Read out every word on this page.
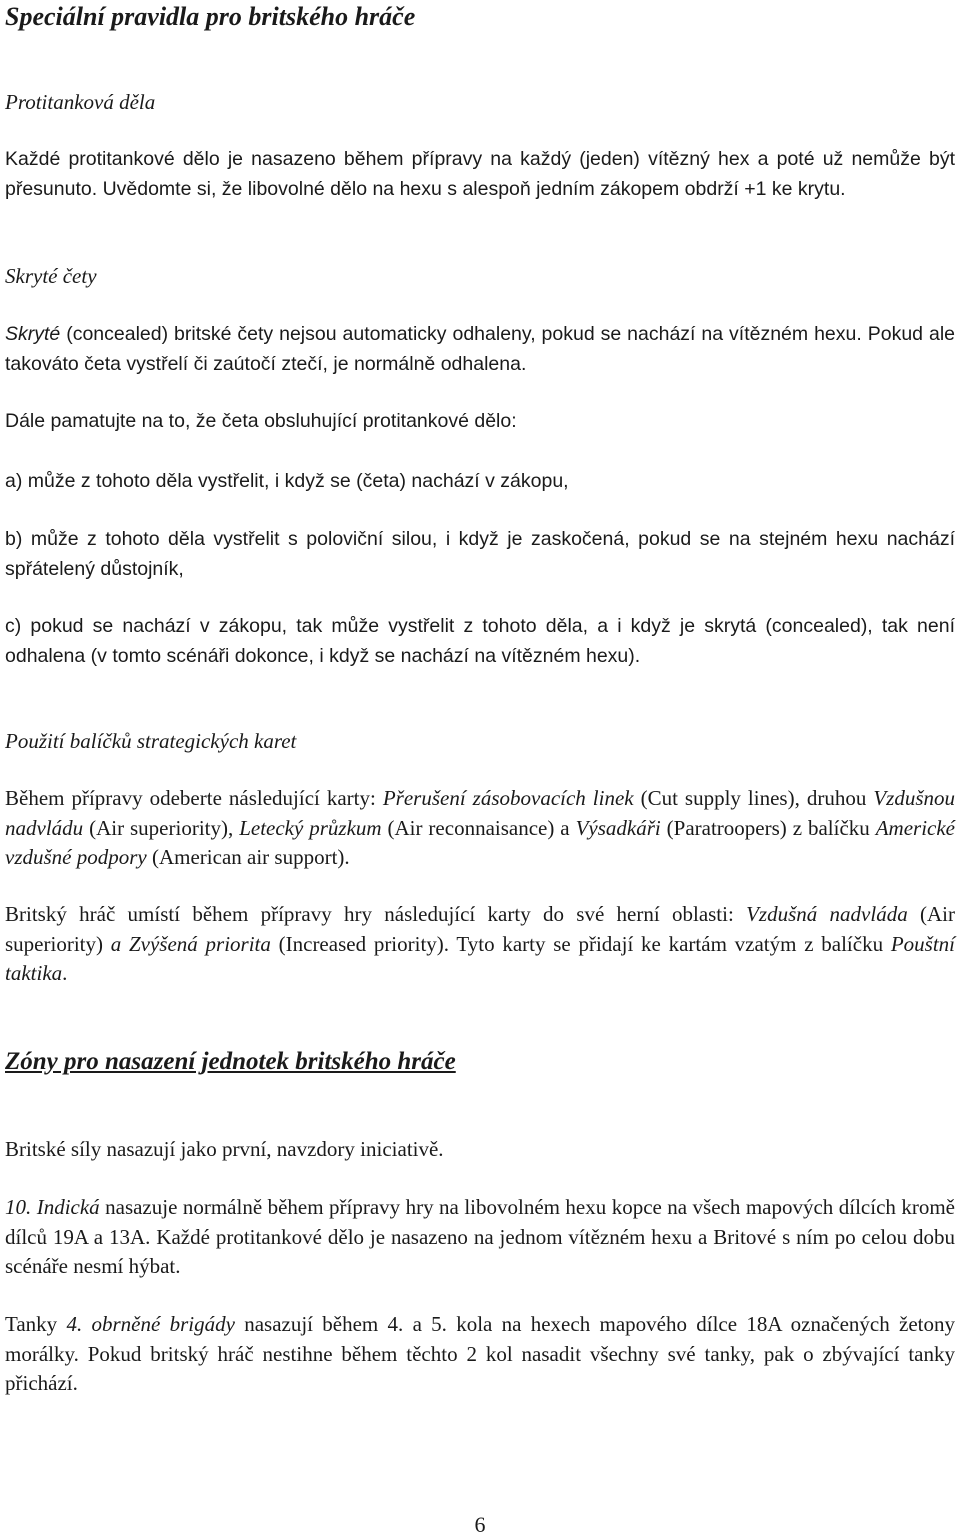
Speciální pravidla pro britského hráče
Protitanková děla
Každé protitankové dělo je nasazeno během přípravy na každý (jeden) vítězný hex a poté už nemůže být přesunuto. Uvědomte si, že libovolné dělo na hexu s alespoň jedním zákopem obdrží +1 ke krytu.
Skryté čety
Skryté (concealed) britské čety nejsou automaticky odhaleny, pokud se nachází na vítězném hexu. Pokud ale takováto četa vystřelí či zaútočí ztečí, je normálně odhalena.
Dále pamatujte na to, že četa obsluhující protitankové dělo:
a) může z tohoto děla vystřelit, i když se (četa) nachází v zákopu,
b) může z tohoto děla vystřelit s poloviční silou, i když je zaskočená, pokud se na stejném hexu nachází spřátelený důstojník,
c) pokud se nachází v zákopu, tak může vystřelit z tohoto děla, a i když je skrytá (concealed), tak není odhalena (v tomto scénáři dokonce, i když se nachází na vítězném hexu).
Použití balíčků strategických karet
Během přípravy odeberte následující karty: Přerušení zásobovacích linek (Cut supply lines), druhou Vzdušnou nadvládu (Air superiority), Letecký průzkum (Air reconnaisance) a Výsadkáři (Paratroopers) z balíčku Americké vzdušné podpory (American air support).
Britský hráč umístí během přípravy hry následující karty do své herní oblasti: Vzdušná nadvláda (Air superiority) a Zvýšená priorita (Increased priority). Tyto karty se přidají ke kartám vzatým z balíčku Pouštní taktika.
Zóny pro nasazení jednotek britského hráče
Britské síly nasazují jako první, navzdory iniciativě.
10. Indická nasazuje normálně během přípravy hry na libovolném hexu kopce na všech mapových dílcích kromě dílců 19A a 13A. Každé protitankové dělo je nasazeno na jednom vítězném hexu a Britové s ním po celou dobu scénáře nesmí hýbat.
Tanky 4. obrněné brigády nasazují během 4. a 5. kola na hexech mapového dílce 18A označených žetony morálky. Pokud britský hráč nestihne během těchto 2 kol nasadit všechny své tanky, pak o zbývající tanky přichází.
6
